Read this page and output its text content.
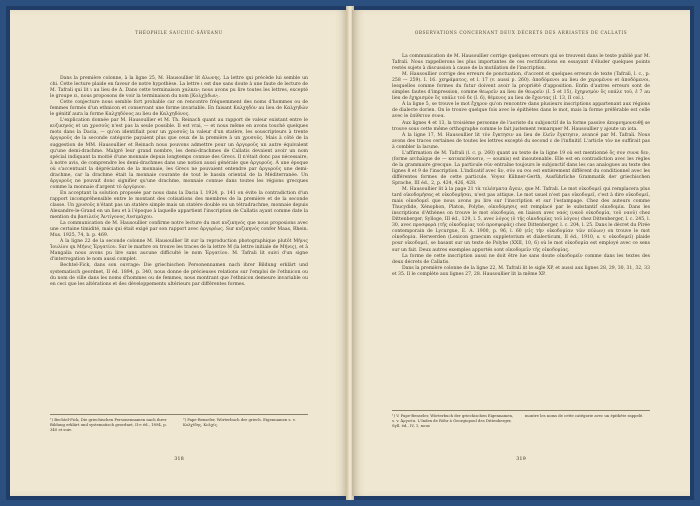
THÉOPHILE SAUCIUC-SĂVEANU

Dans la première colonne, à la ligne 25, M. Hausoullier lit ἀλωνης. La lettre qui précède lui semble un chi. Cette lecture plaide en faveur de notre hypothèse. La lettre ι est due sans doute à une faute de lecture de M. Tafrali qui lit ι au lieu de Δ. Dans cette terminaison χαλκεν; nous avons pu lire toutes les lettres, excepté le groupe ει, nous proposons de voir la terminaison du nom [Κολχ]ιδων;.

Cette conjecture nous semble fort probable car on rencontre fréquemment des noms d'hommes ou de femmes formés d'un ethnicon et conservant une forme invariable. En faisant Καλχηδόν au lieu de Καλχηδών le génitif aura la forme Καλχηδόνος au lieu de Καλχηδόνος.

L'explication donnée par M. Hausoullier et M. Th. Reinach quant au rapport de valeur existant entre le κυζικηνός et un χρυσοῦς n'est pas la seule possible. Il est vrai, — et nous même en avons touché quelques mots dans la Dacia, — qu'on identifiait pour un χρυσοῦς la valeur d'un statère, les souscripteurs à trente ἀργυροῦς de la seconde catégorie payaient plus que ceux de la première à un χρυσοῦς. Mais à côté de la suggestion de MM. Hausoullier et Reinach nous pouvons admettre pour un ἀργυροῦς un autre équivalent qu'une demi-drachme. Malgré leur grand nombre, les demi-drachmes de Callatis devaient avoir un nom spécial indiquant la moitié d'une monnaie depuis longtemps connue des Grecs. Il n'était donc pas nécessaire, à notre avis, de comprendre les demi-drachmes dans une notion aussi générale que ἀργυροῦς. À une époque où s'accentuait la dépréciation de la monnaie, les Grecs ne pouvaient entendre par ἀργυροῦς une demi-drachme, car la drachme était la monnaie courante de tout le bassin oriental de la Méditerranée. Un ἀργυροῦς ne pouvait donc signifier qu'une drachme, monnaie connue dans toutes les régions grecques comme la monnaie d'argent τὸ ἀργύριον.

En acceptant la solution proposée par nous dans la Dacia I. 1924, p. 141 on évite la contradiction d'un rapport incompréhensible entre le montant des cotisations des membres de la première et de la seconde classe. Un χρυσοῦς n'étant pas un statère simple mais un statère double ou un tétradrachme, monnaie depuis Alexandre-le-Grand en un lieu et à l'époque à laquelle appartient l'inscription de Callatis ayant comme date la mention du βασιλεὺς Ἀντίγονος Λυσιμάχου.

La communication de M. Hausoullier confirme notre lecture du mot κυζικηνός que nous proposions avec une certaine timidité, mais qui était exigé par son rapport avec ἀργυρέως. Sur κυζικηνός confer Maas, Rhein. Mus. 1925, 74, b. p. 469.

À la ligne 22 de la seconde colonne M. Hausoullier lit sur la reproduction photographique plutôt Μήνις Ἰουλίου qu Μήνις Ἐργατίου. Sur le marbre on trouve les traces de la lettre M (la lettre initiale de Μήνις), et à Mangalia nous avons pu lire sans aucune difficulté le nom Ἐργατίου. M. Tafrali lit suivi d'un signe d'interrogation le nom aussi complet.

Bechtel-Fick, dans son ouvrage: Die griechischen Personennamen nach ihrer Bildung erklärt und systematisch geordnet, II éd. 1894, p. 340, nous donne de précieuses relations sur l'emploi de l'ethnicon ou du nom de ville dans les noms d'hommes ou de femmes, nous montrant que l'ethnicon demeure invariable ou en ceci que les altérations et des développements ultérieurs par différentes formes.

¹) Bechtel-Fick, Die griechischen Personennamen nach ihrer Bildung erklärt und systematisch geordnet, II-e éd., 1894, p. 340 et suiv.
²) Pape-Benseler, Wörterbuch der griech. Eigennamen s. v. Κολχίδης, Κολχίς.
318
OBSERVATIONS CONCERNANT DEUX DÉCRETS DES ARRIASTES DE CALLATIS

La communication de M. Hausoullier corrige quelques erreurs qui se trouvent dans le texte publié par M. Tafrali. Nous rappellerons les plus importantes de ces rectifications en essayant d'éluder quelques points restés sujets à discussion à cause de la mutilation de l'inscription.

M. Hausoullier corrige des erreurs de ponctuation, d'accent et quelques erreurs de texte (Tafrali, l. c., p. 258 — 259). I. 16. χεηράματος, et l. 17 (v. aussi p. 260). ἀποδόμενοι au lieu de χερομένου et ἀποδόμενοι, lesquelles comme formes du futur doivent avoir la propriété d'apposition. Enfin d'autres erreurs sont de simples fautes d'impression, comme θεωρεῖν au lieu de θεωρεῖν (I. 5 et 15), ἐχηρισμὸν ὅς υπάλε τοῦ, ἑ 7 au lieu de ἐχηρισμὸν ὅς υπάλε τοῦ δε (I. 6), θέμενος au lieu de ἔχοντας (I. 13, II col.).

À la ligne 5, se trouve le mot ἔχηρον qu'on rencontre dans plusieurs inscriptions appartenant aux régions de dialecte dorien. On le trouve quelque fois avec le épithètes dans le mot, mais la forme préférable est celle avec le ἐπίθετον συνα.

Aux lignes 4 et 13, la troisième personne de l'aoriste du subjonctif de la forme passive ἀπομνημονευθῇ se trouve sous cette même orthographe comme le fait justement remarquer M. Hausoullier y ajoute un iota.

À la ligne 17, M. Hausoullier lit τὸν ἔγκτησιν au lieu de ἐλεῖν ἔγκτησιν, avancé par M. Tafrali. Nous avons des traces certaines de toutes les lettres excepté du second ε de l'infinitif. L'article τὸν ne suffirait pas à combler la lacune.

L'affirmation de M. Tafrali (l. c. p. 260) quant au texte de la ligne 19 où est mentionné ὅς σον συνα δεν, (forme archaïque de — καταπείθουσιν, — soumis) est insoutenable. Elle est en contradiction avec les règles de la grammaire grecque. La particule σύν entraîne toujours le subjonctif dans les cas analogues au texte des lignes 8 et 9 de l'inscription. L'indicatif avec ἄν, σύν ou σοι est entièrement différent du conditionnel avec les différentes formes de cette particule. Voyez Kühner-Gerth, Ausführliche Grammatik der griechischen Sprache, III éd., 2, p. 424, 426, 428.

M. Hausoullier lit à la page 21 τὰ τελέσματα ἄγειν, que M. Tafrali. Le mot οἰκοδομεῖ qui remplacera plus tard οἰκοδομήσας et οἰκοδομῆσαι, n'est pas attique. Le mot usuel n'est pas οἰκοδομεῖ, c'est à dire οἰκοδομεῖ, mais οἰκοδομεῖ que nous avons pu lire sur l'inscription et sur l'estampage. Chez des auteurs comme Thucydide, Xénophon, Platon, Polybe, οἰκοδόμησις est remplacé par le substantif οἰκοδομία. Dans les inscriptions d'Athènes on trouve le mot οἰκοδομία, en liaison avec ναός (ναοῦ οἰκοδομία, τοῦ ναοῦ) chez Dittenberger, Sylloge, III éd., 129, l. 5, avec λόγος (ὁ τῆς οἰκοδομίας τοῦ λόγου) chez Dittenberger, l. c. 245, l. 30, avec προσφορὰ (τῆς οἰκοδομίας τοῦ προσφορᾶς) chez Dittenberger, l. c. 204, l. 25. Dans le décret du Pirée contemporain de Lycurgue, E. A. 1900, p. 96, l. 60 (εἰς τὴν οἰκοδομίαν τῶν πύλων) on trouve le mot οἰκοδομία. Herwerden (Lexicon graecum suppletorium et dialecticum, II éd., 1910, s. v. οἰκοδομεῖ) plaide pour οἰκοδομεῖ, se basant sur un texte de Polybe (XXII, 10, 6) où le mot οἰκοδομία est employé avec ce sens sur un fait. Deux autres exemples apportés sont οἰκοδομεῖν τῆς οἰκοδομίας.

La forme de cette inscription aussi ne doit être lue sans doute οἰκοδομεῖν comme dans les textes des deux décrets de Callatis.

Dans la première colonne de la ligne 22, M. Tafrali lit le sigle XP, et aussi aux lignes 28, 29, 30, 31, 32, 33 et 35. Il le complète aux lignes 27, 28. Hausoullier lit la même XP.

¹) V. Pape-Benseler, Wörterbuch der griechischen Eigennamen, s. v. Ἀργιεία. L'Index de Röhr à Georgiopoul des Dittenberger, Syll. éd., IV, 1, nous
montre les noms de cette catégorie avec un épithète rappelé.
319
